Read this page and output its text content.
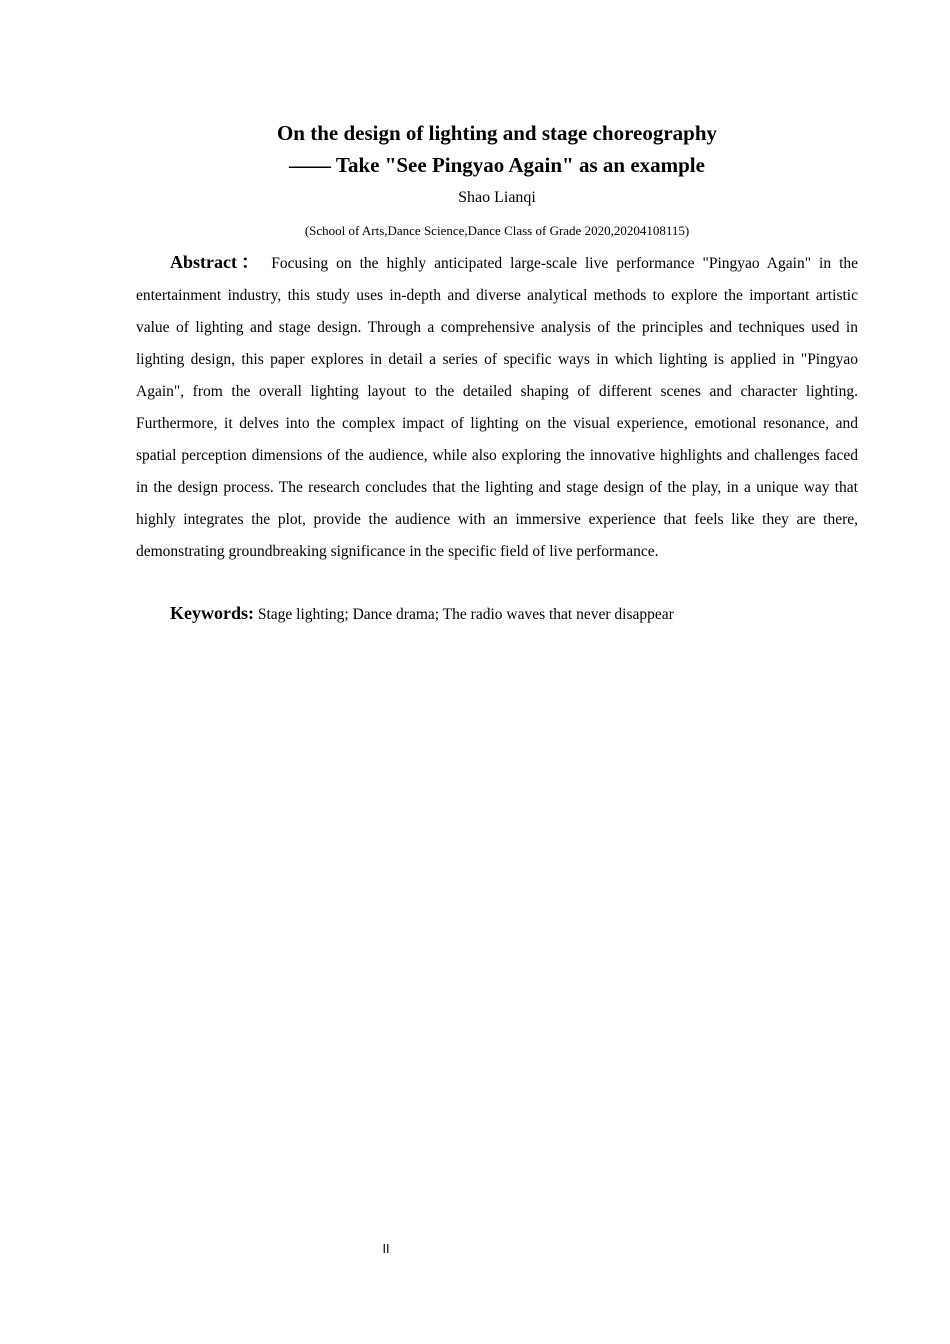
On the design of lighting and stage choreography
—— Take "See Pingyao Again" as an example
Shao Lianqi
(School of Arts,Dance Science,Dance Class of Grade 2020,20204108115)

Abstract： Focusing on the highly anticipated large-scale live performance "Pingyao Again" in the entertainment industry, this study uses in-depth and diverse analytical methods to explore the important artistic value of lighting and stage design. Through a comprehensive analysis of the principles and techniques used in lighting design, this paper explores in detail a series of specific ways in which lighting is applied in "Pingyao Again", from the overall lighting layout to the detailed shaping of different scenes and character lighting. Furthermore, it delves into the complex impact of lighting on the visual experience, emotional resonance, and spatial perception dimensions of the audience, while also exploring the innovative highlights and challenges faced in the design process. The research concludes that the lighting and stage design of the play, in a unique way that highly integrates the plot, provide the audience with an immersive experience that feels like they are there, demonstrating groundbreaking significance in the specific field of live performance.

Keywords: Stage lighting; Dance drama; The radio waves that never disappear

II
